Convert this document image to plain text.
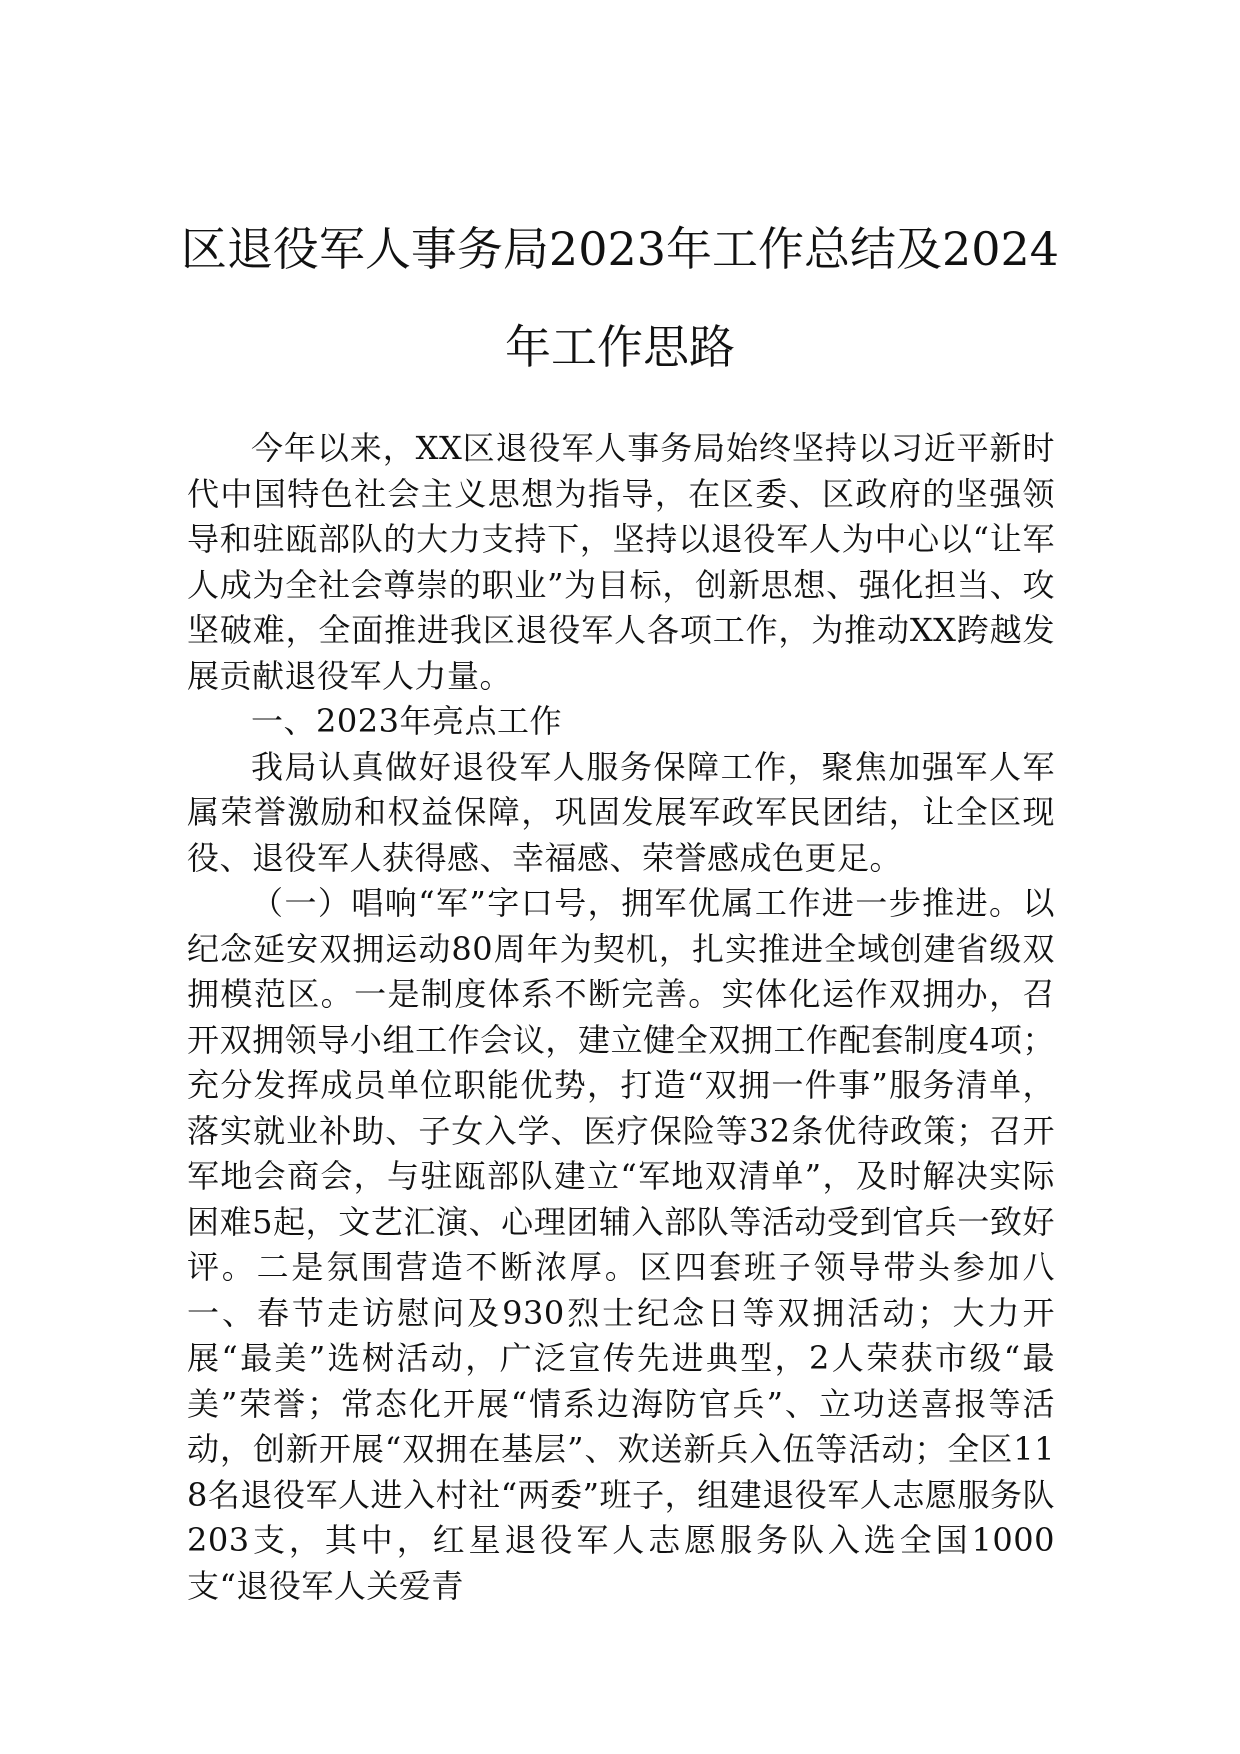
区退役军人事务局2023年工作总结及2024
年工作思路

今年以来，XX区退役军人事务局始终坚持以习近平新时代中国特色社会主义思想为指导，在区委、区政府的坚强领导和驻瓯部队的大力支持下，坚持以退役军人为中心以“让军人成为全社会尊崇的职业”为目标，创新思想、强化担当、攻坚破难，全面推进我区退役军人各项工作，为推动XX跨越发展贡献退役军人力量。

一、2023年亮点工作

我局认真做好退役军人服务保障工作，聚焦加强军人军属荣誉激励和权益保障，巩固发展军政军民团结，让全区现役、退役军人获得感、幸福感、荣誉感成色更足。

（一）唱响“军”字口号，拥军优属工作进一步推进。以纪念延安双拥运动80周年为契机，扎实推进全域创建省级双拥模范区。一是制度体系不断完善。实体化运作双拥办，召开双拥领导小组工作会议，建立健全双拥工作配套制度4项；充分发挥成员单位职能优势，打造“双拥一件事”服务清单，落实就业补助、子女入学、医疗保险等32条优待政策；召开军地会商会，与驻瓯部队建立“军地双清单”，及时解决实际困难5起，文艺汇演、心理团辅入部队等活动受到官兵一致好评。二是氛围营造不断浓厚。区四套班子领导带头参加八一、春节走访慰问及930烈士纪念日等双拥活动；大力开展“最美”选树活动，广泛宣传先进典型，2人荣获市级“最美”荣誉；常态化开展“情系边海防官兵”、立功送喜报等活动，创新开展“双拥在基层”、欢送新兵入伍等活动；全区118名退役军人进入村社“两委”班子，组建退役军人志愿服务队203支，其中，红星退役军人志愿服务队入选全国1000支“退役军人关爱青
